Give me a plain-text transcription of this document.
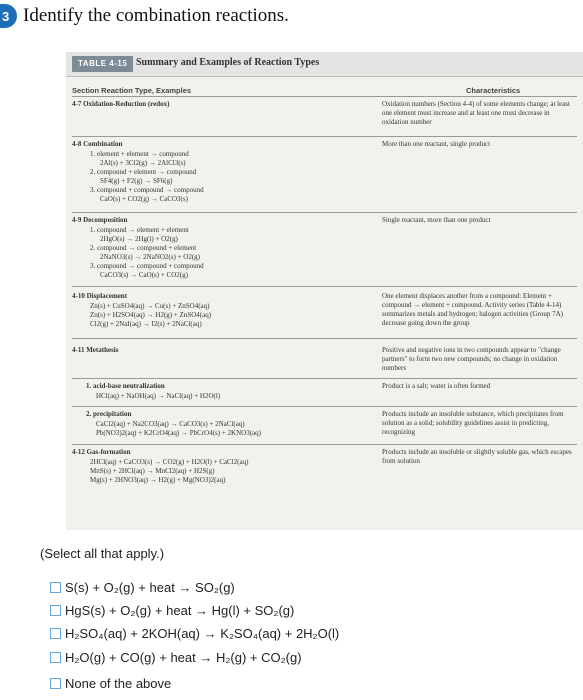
3 Identify the combination reactions.
TABLE 4-15 Summary and Examples of Reaction Types
Section Reaction Type, Examples	Characteristics
4-7 Oxidation-Reduction (redox)	Oxidation numbers (Section 4-4) of some elements change; at least one element must increase and at least one must decrease in oxidation number
4-8 Combination	More than one reactant, single product
1. element + element → compound
2Al(s) + 3Cl2(g) → 2AlCl3(s)
2. compound + element → compound
SF4(g) + F2(g) → SF6(g)
3. compound + compound → compound
CaO(s) + CO2(g) → CaCO3(s)
4-9 Decomposition	Single reactant, more than one product
1. compound → element + element
2HgO(s) → 2Hg(l) + O2(g)
2. compound → compound + element
2NaNO3(s) → 2NaNO2(s) + O2(g)
3. compound → compound + compound
CaCO3(s) → CaO(s) + CO2(g)
4-10 Displacement	One element displaces another from a compound: Element + compound → element + compound. Activity series (Table 4-14) summarizes metals and hydrogen; halogen activities (Group 7A) decrease going down the group
Zn(s) + CuSO4(aq) → Cu(s) + ZnSO4(aq)
Zn(s) + H2SO4(aq) → H2(g) + ZnSO4(aq)
Cl2(g) + 2NaI(aq) → I2(s) + 2NaCl(aq)
4-11 Metathesis	Positive and negative ions in two compounds appear to "change partners" to form two new compounds; no change in oxidation numbers
1. acid-base neutralization	Product is a salt; water is often formed
HCl(aq) + NaOH(aq) → NaCl(aq) + H2O(l)
2. precipitation	Products include an insoluble substance, which precipitates from solution as a solid; solubility guidelines assist in predicting, recognizing
CaCl2(aq) + Na2CO3(aq) → CaCO3(s) + 2NaCl(aq)
Pb(NO3)2(aq) + K2CrO4(aq) → PbCrO4(s) + 2KNO3(aq)
4-12 Gas-formation	Products include an insoluble or slightly soluble gas, which escapes from solution
2HCl(aq) + CaCO3(s) → CO2(g) + H2O(l) + CaCl2(aq)
MnS(s) + 2HCl(aq) → MnCl2(aq) + H2S(g)
Mg(s) + 2HNO3(aq) → H2(g) + Mg(NO3)2(aq)
(Select all that apply.)
S(s) + O₂(g) + heat → SO₂(g)
HgS(s) + O₂(g) + heat → Hg(l) + SO₂(g)
H₂SO₄(aq) + 2KOH(aq) → K₂SO₄(aq) + 2H₂O(l)
H₂O(g) + CO(g) + heat → H₂(g) + CO₂(g)
None of the above
